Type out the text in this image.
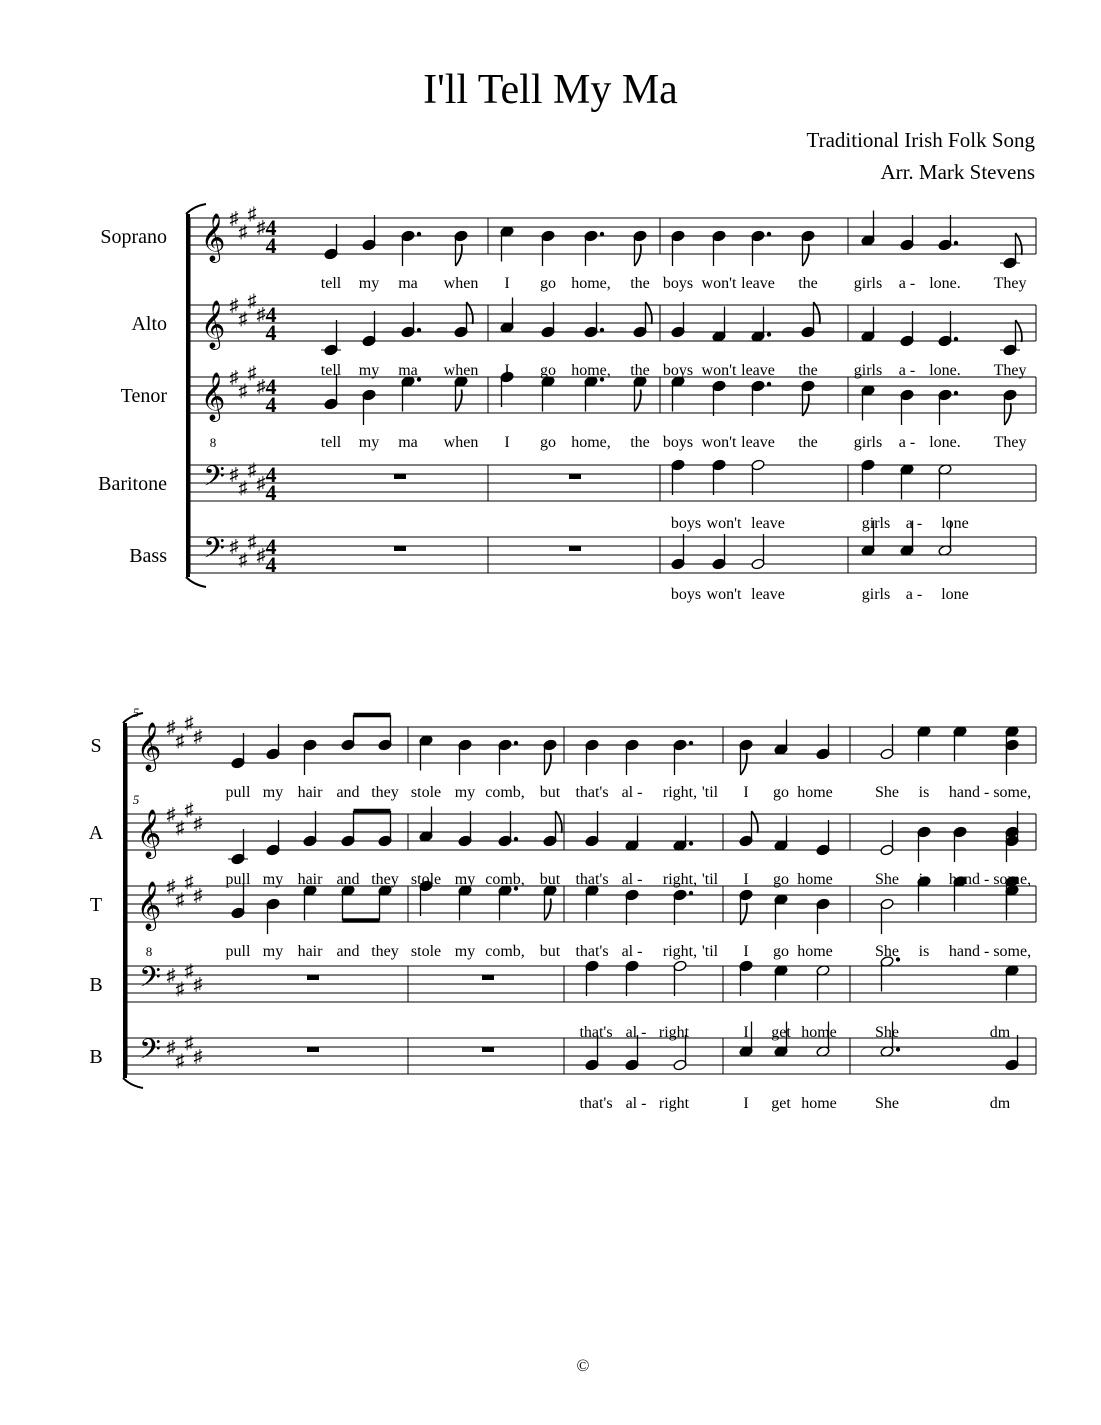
I'll Tell My Ma
Traditional Irish Folk Song
Arr. Mark Stevens
Soprano 𝄞 ♯
♯
♯
♯ 4
4
Alto 𝄞 ♯
♯
♯
♯ 4
4
Tenor 𝄞
8
♯
♯
♯
♯ 4
4
Baritone 𝄢 ♯
♯
♯
♯ 4
4
Bass 𝄢 ♯
♯
♯
♯ 4
4
tell my ma when I go home, the boys won't leave the girls a - lone. They
tell my ma when I go home, the boys won't leave the girls a - lone. They
tell my ma when I go home, the boys won't leave the girls a - lone. They
boys won't leave	girls a - lone
boys won't leave	girls a - lone
S 𝄞 ♯
♯
♯
♯
A 𝄞 ♯
♯
♯
♯
T 𝄞
8
♯
♯
♯
♯
B 𝄢 ♯
♯
♯
♯
B 𝄢 ♯
♯
♯
♯
5
5	pull my hair and they stole my comb, but that's al - right, 'til I go home	She is hand - some,
pull my hair and they stole my comb, but that's al - right, 'til I go home	She is hand - some,
pull my hair and they stole my comb, but that's al - right, 'til I go home	She is hand - some,
that's al - right	I get home She	dm
that's al - right	I get home She	dm
©
